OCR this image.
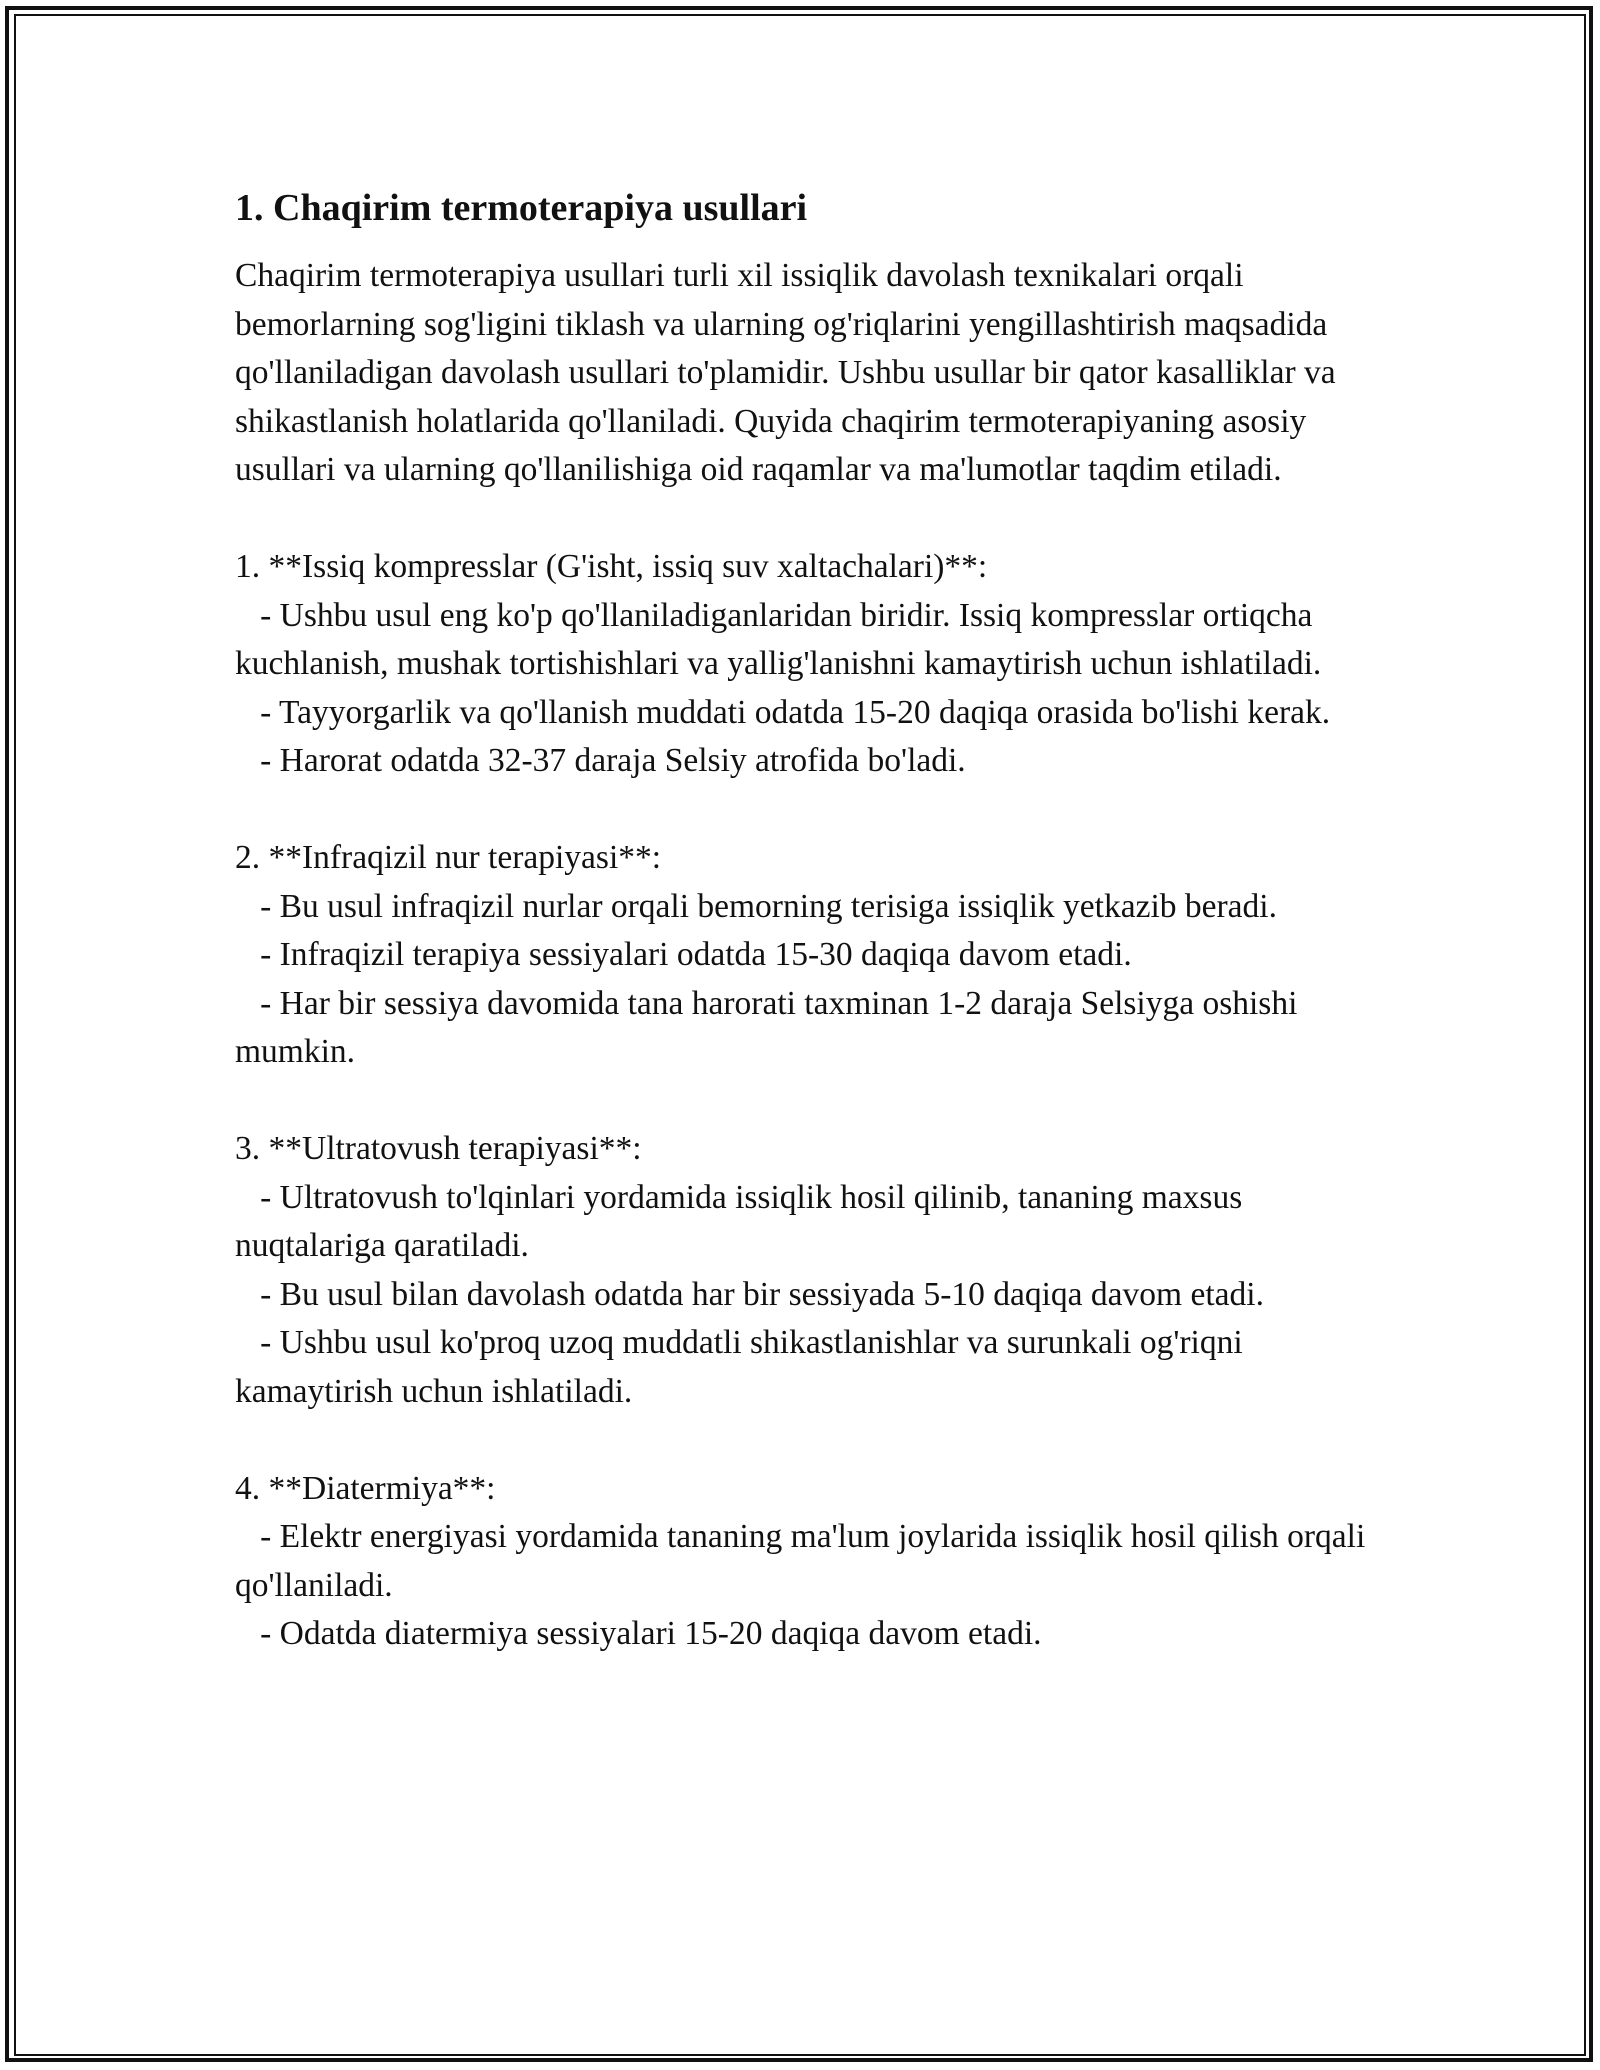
1. Chaqirim termoterapiya usullari

Chaqirim termoterapiya usullari turli xil issiqlik davolash texnikalari orqali bemorlarning sog'ligini tiklash va ularning og'riqlarini yengillashtirish maqsadida qo'llaniladigan davolash usullari to'plamidir. Ushbu usullar bir qator kasalliklar va shikastlanish holatlarida qo'llaniladi. Quyida chaqirim termoterapiyaning asosiy usullari va ularning qo'llanilishiga oid raqamlar va ma'lumotlar taqdim etiladi.

1. **Issiq kompresslar (G'isht, issiq suv xaltachalari)**:

- Ushbu usul eng ko'p qo'llaniladiganlaridan biridir. Issiq kompresslar ortiqcha kuchlanish, mushak tortishishlari va yallig'lanishni kamaytirish uchun ishlatiladi.

- Tayyorgarlik va qo'llanish muddati odatda 15-20 daqiqa orasida bo'lishi kerak.

- Harorat odatda 32-37 daraja Selsiy atrofida bo'ladi.

2. **Infraqizil nur terapiyasi**:

- Bu usul infraqizil nurlar orqali bemorning terisiga issiqlik yetkazib beradi.

- Infraqizil terapiya sessiyalari odatda 15-30 daqiqa davom etadi.

- Har bir sessiya davomida tana harorati taxminan 1-2 daraja Selsiyga oshishi mumkin.

3. **Ultratovush terapiyasi**:

- Ultratovush to'lqinlari yordamida issiqlik hosil qilinib, tananing maxsus nuqtalariga qaratiladi.

- Bu usul bilan davolash odatda har bir sessiyada 5-10 daqiqa davom etadi.

- Ushbu usul ko'proq uzoq muddatli shikastlanishlar va surunkali og'riqni kamaytirish uchun ishlatiladi.

4. **Diatermiya**:

- Elektr energiyasi yordamida tananing ma'lum joylarida issiqlik hosil qilish orqali qo'llaniladi.

- Odatda diatermiya sessiyalari 15-20 daqiqa davom etadi.
